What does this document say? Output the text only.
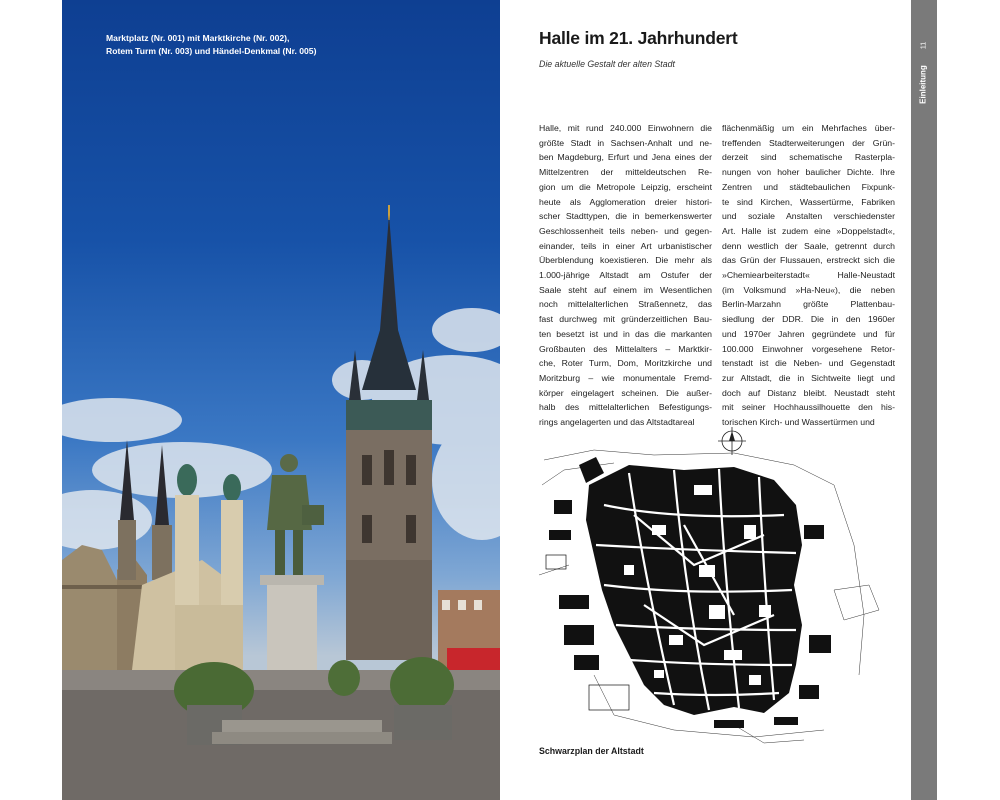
Marktplatz (Nr. 001) mit Marktkirche (Nr. 002),
Rotem Turm (Nr. 003) und Händel-Denkmal (Nr. 005)
Halle im 21. Jahrhundert
Die aktuelle Gestalt der alten Stadt
Halle, mit rund 240.000 Einwohnern die
größte Stadt in Sachsen-Anhalt und ne-
ben Magdeburg, Erfurt und Jena eines der
Mittelzentren der mitteldeutschen Re-
gion um die Metropole Leipzig, erscheint
heute als Agglomeration dreier histori-
scher Stadttypen, die in bemerkenswerter
Geschlossenheit teils neben- und gegen-
einander, teils in einer Art urbanistischer
Überblendung koexistieren. Die mehr als
1.000-jährige Altstadt am Ostufer der
Saale steht auf einem im Wesentlichen
noch mittelalterlichen Straßennetz, das
fast durchweg mit gründerzeitlichen Bau-
ten besetzt ist und in das die markanten
Großbauten des Mittelalters – Marktkir-
che, Roter Turm, Dom, Moritzkirche und
Moritzburg – wie monumentale Fremd-
körper eingelagert scheinen. Die außer-
halb des mittelalterlichen Befestigungs-
rings angelagerten und das Altstadtareal
flächenmäßig um ein Mehrfaches über-
treffenden Stadterweiterungen der Grün-
derzeit sind schematische Rasterpla-
nungen von hoher baulicher Dichte. Ihre
Zentren und städtebaulichen Fixpunk-
te sind Kirchen, Wassertürme, Fabriken
und soziale Anstalten verschiedenster
Art. Halle ist zudem eine »Doppelstadt«,
denn westlich der Saale, getrennt durch
das Grün der Flussauen, erstreckt sich die
»Chemiearbeiterstadt« Halle-Neustadt
(im Volksmund »Ha-Neu«), die neben
Berlin-Marzahn größte Plattenbau-
siedlung der DDR. Die in den 1960er
und 1970er Jahren gegründete und für
100.000 Einwohner vorgesehene Retor-
tenstadt ist die Neben- und Gegenstadt
zur Altstadt, die in Sichtweite liegt und
doch auf Distanz bleibt. Neustadt steht
mit seiner Hochhaussilhouette den his-
torischen Kirch- und Wassertürmen und
Schwarzplan der Altstadt
11
Einleitung
